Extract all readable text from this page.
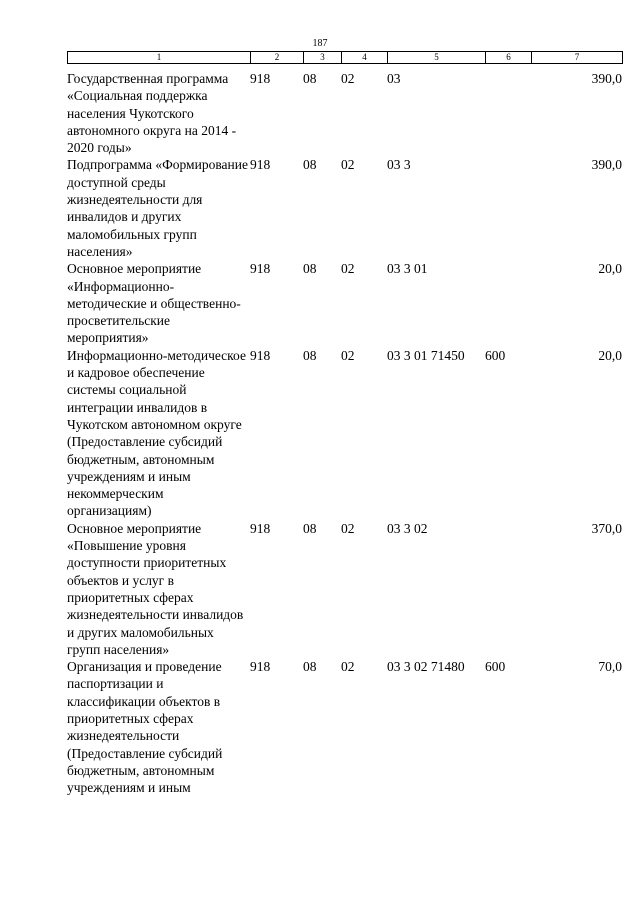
187
1	2	3	4	5	6	7
Государственная программа «Социальная поддержка населения Чукотского автономного округа на 2014 - 2020 годы»	918	08	02	03		390,0
Подпрограмма «Формирование доступной среды жизнедеятельности для инвалидов и других маломобильных групп населения»	918	08	02	03 3		390,0
Основное мероприятие «Информационно-методические и общественно-просветительские мероприятия»	918	08	02	03 3 01		20,0
Информационно-методическое и кадровое обеспечение системы социальной интеграции инвалидов в Чукотском автономном округе (Предоставление субсидий бюджетным, автономным учреждениям и иным некоммерческим организациям)	918	08	02	03 3 01 71450	600	20,0
Основное мероприятие «Повышение уровня доступности приоритетных объектов и услуг в приоритетных сферах жизнедеятельности инвалидов и других маломобильных групп населения»	918	08	02	03 3 02		370,0
Организация и проведение паспортизации и классификации объектов в приоритетных сферах жизнедеятельности (Предоставление субсидий бюджетным, автономным учреждениям и иным	918	08	02	03 3 02 71480	600	70,0
